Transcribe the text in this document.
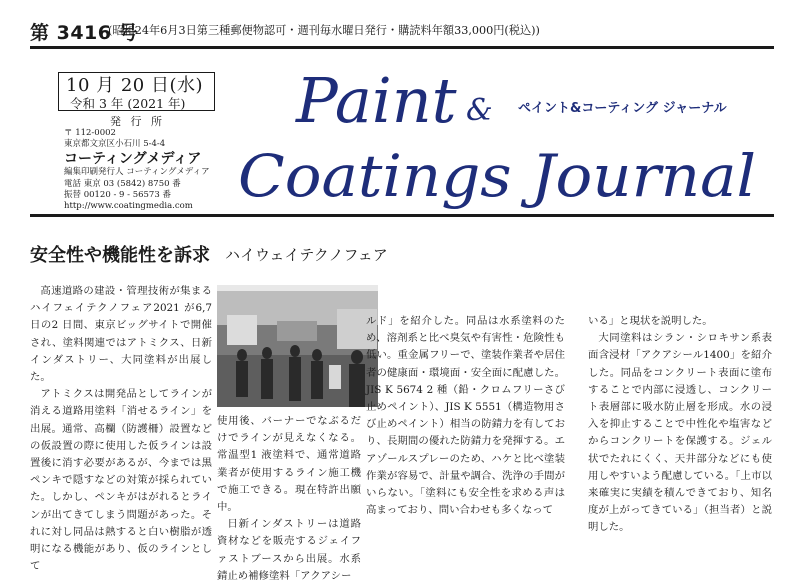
第 3416 号
(昭和24年6月3日第三種郵便物認可・週刊毎水曜日発行・購読料年額33,000円(税込))
10 月 20 日(水)
令和 3 年 (2021 年)
発 行 所
〒 112-0002
東京都文京区小石川 5-4-4
コーティングメディア
編集印刷発行人 コーティングメディア
電話 東京 03 (5842) 8750 番
振替 00120 - 9 - 56573 番
http://www.coatingmedia.com
Paint & ペイント&コーティング ジャーナル
Coatings Journal
安全性や機能性を訴求 ハイウェイテクノフェア

高速道路の建設・管理技術が集まるハイフェイテクノフェア2021 が6,7 日の2 日間、東京ビッグサイトで開催され、塗料関連ではアトミクス、日新インダストリー、大同塗料が出展した。

アトミクスは開発品としてラインが消える道路用塗料「消せるライン」を出展。通常、高欄（防護柵）設置などの仮設置の際に使用した仮ラインは設置後に消す必要があるが、今までは黒ペンキで隠すなどの対策が採られていた。しかし、ペンキがはがれるとラインが出てきてしまう問題があった。それに対し同品は熱すると白い樹脂が透明になる機能があり、仮のラインとして

使用後、バーナーでなぶるだけでラインが見えなくなる。常温型1 液塗料で、通常道路業者が使用するライン施工機で施工できる。現在特許出願中。

日新インダストリーは道路資材などを販売するジェイファストブースから出展。水系錆止め補修塗料「アクアシー

ルド」を紹介した。同品は水系塗料のため、溶剤系と比べ臭気や有害性・危険性も低い。重金属フリーで、塗装作業者や居住者の健康面・環境面・安全面に配慮した。JIS K 5674 2 種（鉛・クロムフリーさび止めペイント）、JIS K 5551（構造物用さび止めペイント）相当の防錆力を有しており、長期間の優れた防錆力を発揮する。エアゾールスプレーのため、ハケと比べ塗装作業が容易で、計量や調合、洗浄の手間がいらない。「塗料にも安全性を求める声は高まっており、問い合わせも多くなって

いる」と現状を説明した。

大同塗料はシラン・シロキサン系表面含浸材「アクアシール1400」を紹介した。同品をコンクリート表面に塗布することで内部に浸透し、コンクリート表層部に吸水防止層を形成。水の浸入を抑止することで中性化や塩害などからコンクリートを保護する。ジェル状でたれにくく、天井部分などにも使用しやすいよう配慮している。「上市以来確実に実績を積んできており、知名度が上がってきている」（担当者）と説明した。
